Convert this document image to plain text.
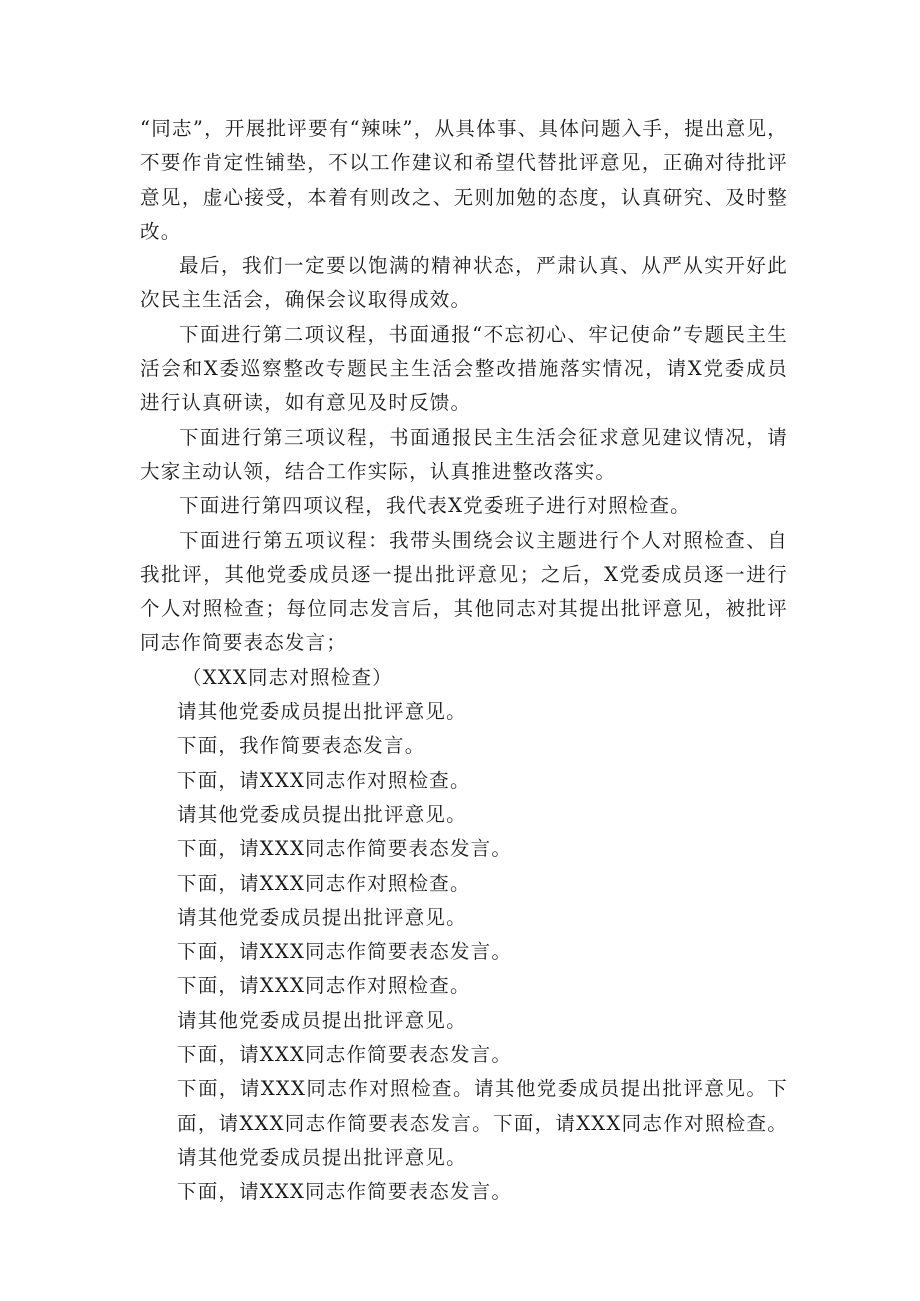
“同志”，开展批评要有“辣味”，从具体事、具体问题入手，提出意见，不要作肯定性铺垫，不以工作建议和希望代替批评意见，正确对待批评意见，虚心接受，本着有则改之、无则加勉的态度，认真研究、及时整改。

最后，我们一定要以饱满的精神状态，严肃认真、从严从实开好此次民主生活会，确保会议取得成效。

下面进行第二项议程，书面通报“不忘初心、牢记使命”专题民主生活会和X委巡察整改专题民主生活会整改措施落实情况，请X党委成员进行认真研读，如有意见及时反馈。

下面进行第三项议程，书面通报民主生活会征求意见建议情况，请大家主动认领，结合工作实际，认真推进整改落实。

下面进行第四项议程，我代表X党委班子进行对照检查。

下面进行第五项议程：我带头围绕会议主题进行个人对照检查、自我批评，其他党委成员逐一提出批评意见；之后，X党委成员逐一进行个人对照检查；每位同志发言后，其他同志对其提出批评意见，被批评同志作简要表态发言；

（XXX同志对照检查）

请其他党委成员提出批评意见。

下面，我作简要表态发言。

下面，请XXX同志作对照检查。

请其他党委成员提出批评意见。

下面，请XXX同志作简要表态发言。

下面，请XXX同志作对照检查。

请其他党委成员提出批评意见。

下面，请XXX同志作简要表态发言。

下面，请XXX同志作对照检查。

请其他党委成员提出批评意见。

下面，请XXX同志作简要表态发言。

下面，请XXX同志作对照检查。请其他党委成员提出批评意见。下面，请XXX同志作简要表态发言。下面，请XXX同志作对照检查。请其他党委成员提出批评意见。

下面，请XXX同志作简要表态发言。
